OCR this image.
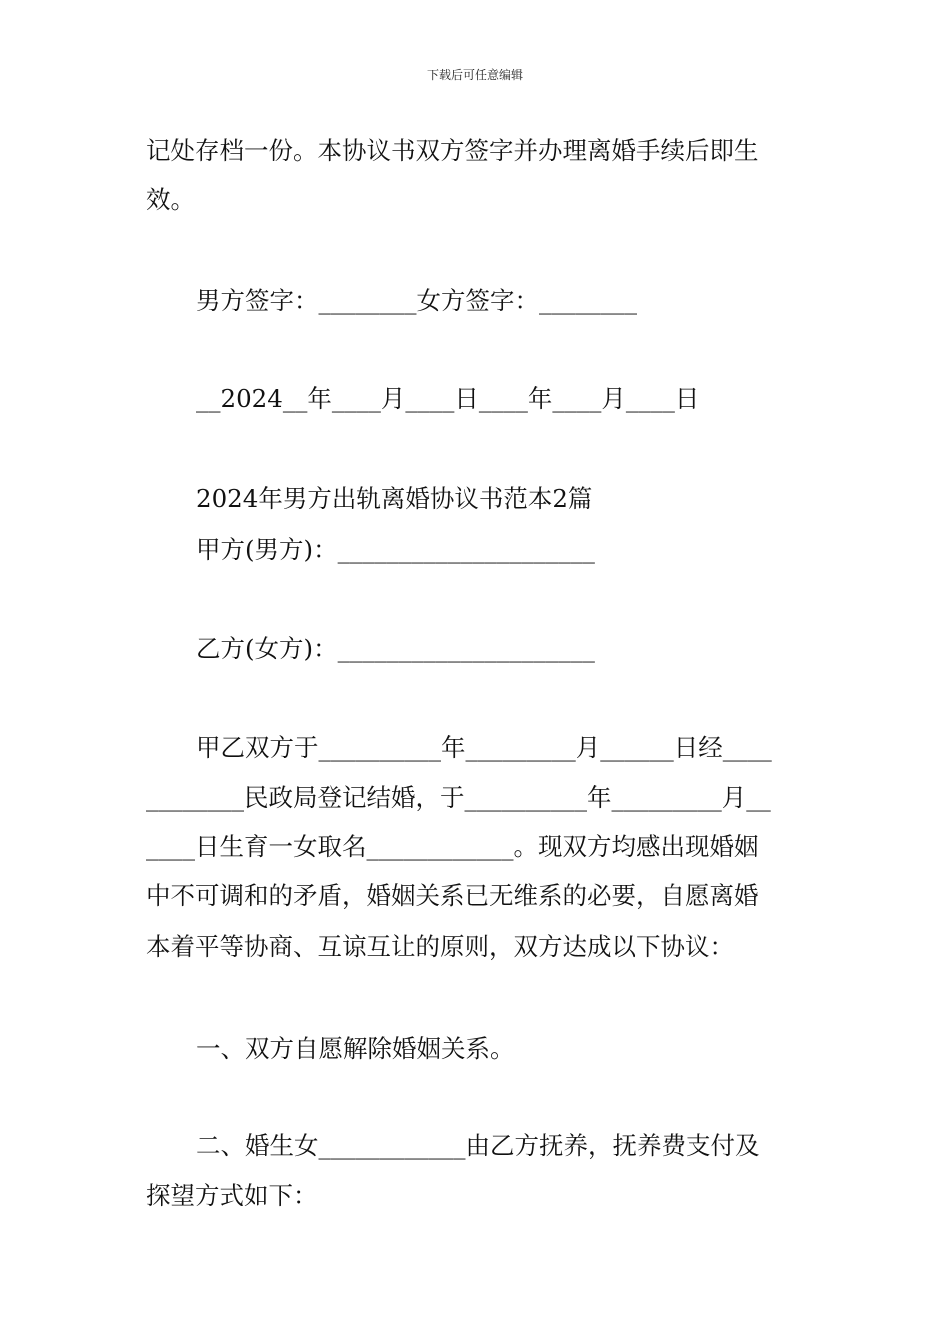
下载后可任意编辑
记处存档一份。本协议书双方签字并办理离婚手续后即生
效。
男方签字：________女方签字：________
__2024__年____月____日____年____月____日
2024年男方出轨离婚协议书范本2篇
甲方(男方)：_____________________
乙方(女方)：_____________________
甲乙双方于__________年_________月______日经____
________民政局登记结婚，于__________年_________月__
____日生育一女取名____________。现双方均感出现婚姻
中不可调和的矛盾，婚姻关系已无维系的必要，自愿离婚
本着平等协商、互谅互让的原则，双方达成以下协议：
一、双方自愿解除婚姻关系。
二、婚生女____________由乙方抚养，抚养费支付及
探望方式如下：
